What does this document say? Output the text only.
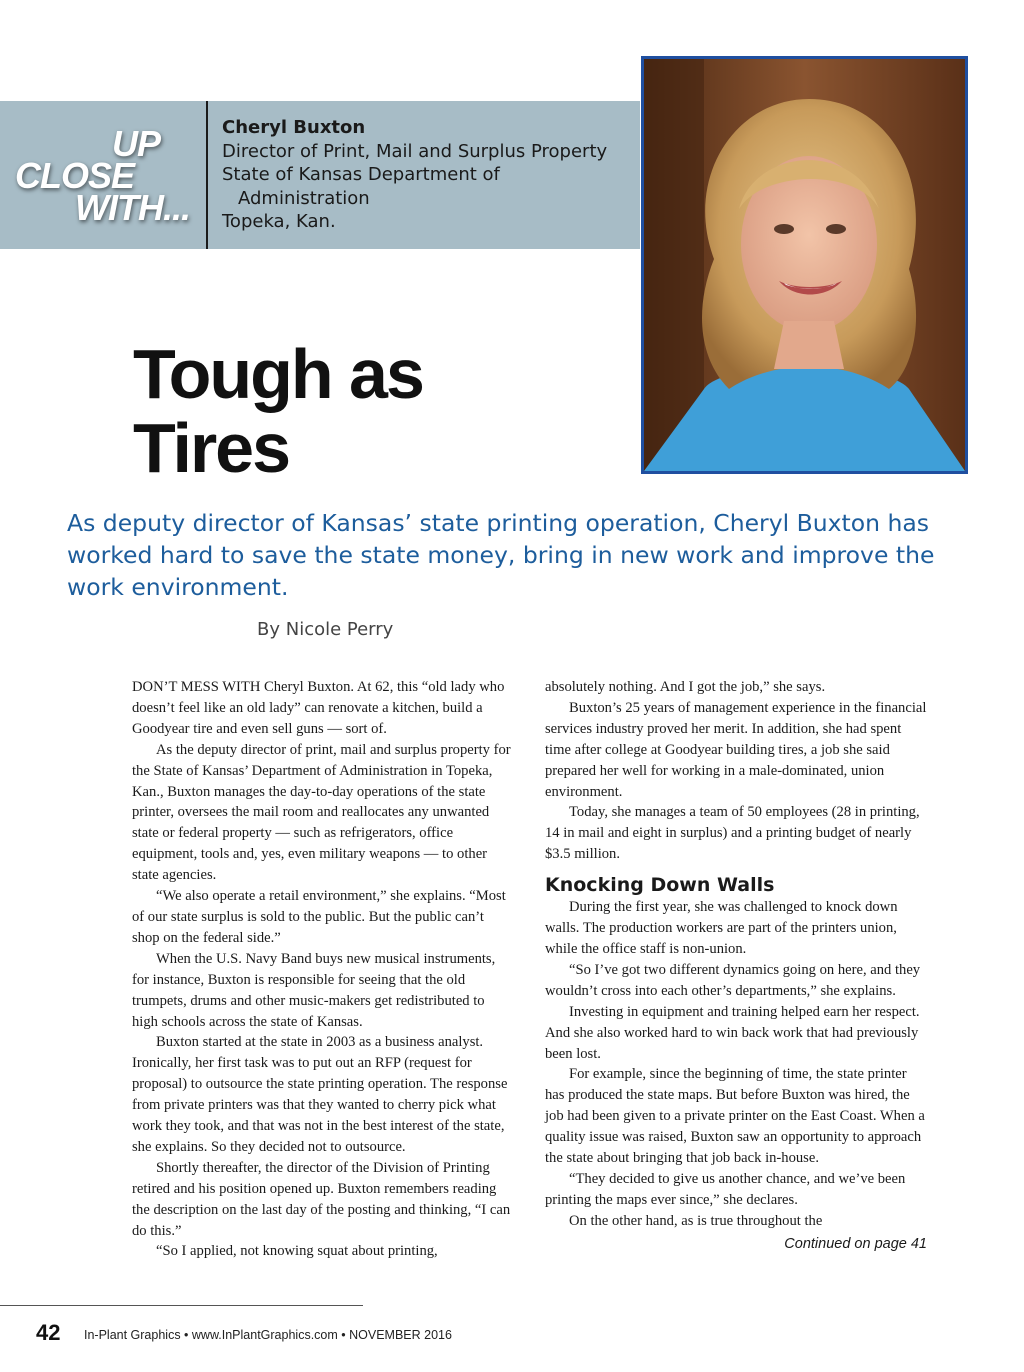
UP
CLOSE
WITH...
Cheryl Buxton
Director of Print, Mail and Surplus Property
State of Kansas Department of
Administration
Topeka, Kan.
Tough as
Tires
As deputy director of Kansas’ state printing operation, Cheryl Buxton has worked hard to save the state money, bring in new work and improve the work environment.
By Nicole Perry

DON’T MESS WITH Cheryl Buxton. At 62, this “old lady who doesn’t feel like an old lady” can renovate a kitchen, build a Goodyear tire and even sell guns — sort of.

As the deputy director of print, mail and surplus property for the State of Kansas’ Department of Administration in Topeka, Kan., Buxton manages the day-to-day operations of the state printer, oversees the mail room and reallocates any unwanted state or federal property — such as refrigerators, office equipment, tools and, yes, even military weapons — to other state agencies.

“We also operate a retail environment,” she explains. “Most of our state surplus is sold to the public. But the public can’t shop on the federal side.”

When the U.S. Navy Band buys new musical instruments, for instance, Buxton is responsible for seeing that the old trumpets, drums and other music-makers get redistributed to high schools across the state of Kansas.

Buxton started at the state in 2003 as a business analyst. Ironically, her first task was to put out an RFP (request for proposal) to outsource the state printing operation. The response from private printers was that they wanted to cherry pick what work they took, and that was not in the best interest of the state, she explains. So they decided not to outsource.

Shortly thereafter, the director of the Division of Printing retired and his position opened up. Buxton remembers reading the description on the last day of the posting and thinking, “I can do this.”

“So I applied, not knowing squat about printing,

absolutely nothing. And I got the job,” she says.

Buxton’s 25 years of management experience in the financial services industry proved her merit. In addition, she had spent time after college at Goodyear building tires, a job she said prepared her well for working in a male-dominated, union environment.

Today, she manages a team of 50 employees (28 in printing, 14 in mail and eight in surplus) and a printing budget of nearly $3.5 million.

Knocking Down Walls

During the first year, she was challenged to knock down walls. The production workers are part of the printers union, while the office staff is non-union.

“So I’ve got two different dynamics going on here, and they wouldn’t cross into each other’s departments,” she explains.

Investing in equipment and training helped earn her respect. And she also worked hard to win back work that had previously been lost.

For example, since the beginning of time, the state printer has produced the state maps. But before Buxton was hired, the job had been given to a private printer on the East Coast. When a quality issue was raised, Buxton saw an opportunity to approach the state about bringing that job back in-house.

“They decided to give us another chance, and we’ve been printing the maps ever since,” she declares.

On the other hand, as is true throughout the

Continued on page 41
42 In-Plant Graphics • www.InPlantGraphics.com • NOVEMBER 2016
